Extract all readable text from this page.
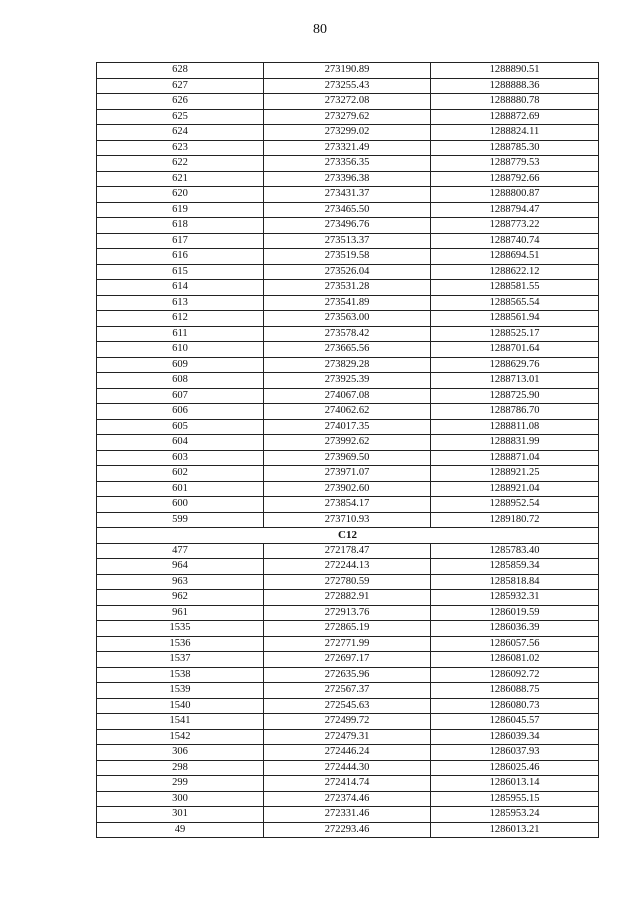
80
628	273190.89	1288890.51
627	273255.43	1288888.36
626	273272.08	1288880.78
625	273279.62	1288872.69
624	273299.02	1288824.11
623	273321.49	1288785.30
622	273356.35	1288779.53
621	273396.38	1288792.66
620	273431.37	1288800.87
619	273465.50	1288794.47
618	273496.76	1288773.22
617	273513.37	1288740.74
616	273519.58	1288694.51
615	273526.04	1288622.12
614	273531.28	1288581.55
613	273541.89	1288565.54
612	273563.00	1288561.94
611	273578.42	1288525.17
610	273665.56	1288701.64
609	273829.28	1288629.76
608	273925.39	1288713.01
607	274067.08	1288725.90
606	274062.62	1288786.70
605	274017.35	1288811.08
604	273992.62	1288831.99
603	273969.50	1288871.04
602	273971.07	1288921.25
601	273902.60	1288921.04
600	273854.17	1288952.54
599	273710.93	1289180.72
C12		
477	272178.47	1285783.40
964	272244.13	1285859.34
963	272780.59	1285818.84
962	272882.91	1285932.31
961	272913.76	1286019.59
1535	272865.19	1286036.39
1536	272771.99	1286057.56
1537	272697.17	1286081.02
1538	272635.96	1286092.72
1539	272567.37	1286088.75
1540	272545.63	1286080.73
1541	272499.72	1286045.57
1542	272479.31	1286039.34
306	272446.24	1286037.93
298	272444.30	1286025.46
299	272414.74	1286013.14
300	272374.46	1285955.15
301	272331.46	1285953.24
49	272293.46	1286013.21
